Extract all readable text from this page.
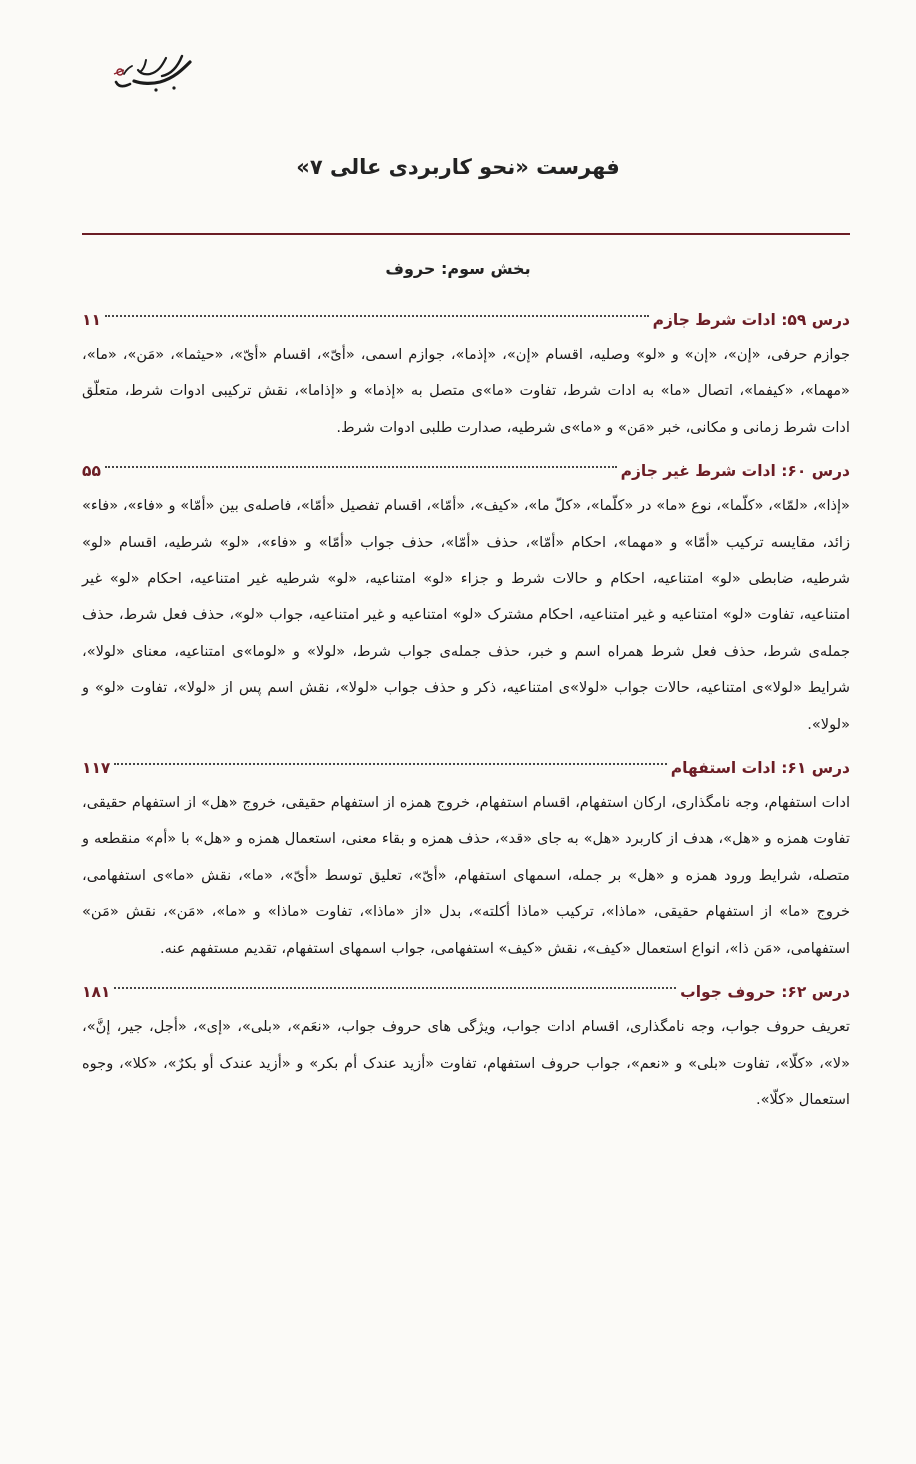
فهرست «نحو کاربردی عالی ۷»
بخش سوم: حروف
درس ۵۹: ادات شرط جازم
۱۱
جوازم حرفی، «إن»، «إن» و «لو» وصلیه، اقسام «إن»، «إذما»، جوازم اسمی، «أیّ»، اقسام «أیّ»، «حیثما»، «مَن»، «ما»، «مهما»، «کیفما»، اتصال «ما» به ادات شرط، تفاوت «ما»ی متصل به «إذما» و «إذاما»، نقش ترکیبی ادوات شرط، متعلّق ادات شرط زمانی و مکانی، خبر «مَن» و «ما»ی شرطیه، صدارت طلبی ادوات شرط.
درس ۶۰: ادات شرط غیر جازم
۵۵
«إذا»، «لمّا»، «کلّما»، نوع «ما» در «کلّما»، «کلّ ما»، «کیف»، «أمّا»، اقسام تفصیل «أمّا»، فاصله‌ی بین «أمّا» و «فاء»، «فاء» زائد، مقایسه ترکیب «أمّا» و «مهما»، احکام «أمّا»، حذف «أمّا»، حذف جواب «أمّا» و «فاء»، «لو» شرطیه، اقسام «لو» شرطیه، ضابطی «لو» امتناعیه، احکام و حالات شرط و جزاء «لو» امتناعیه، «لو» شرطیه غیر امتناعیه، احکام «لو» غیر امتناعیه، تفاوت «لو» امتناعیه و غیر امتناعیه، احکام مشترک «لو» امتناعیه و غیر امتناعیه، جواب «لو»، حذف فعل شرط، حذف جمله‌ی شرط، حذف فعل شرط همراه اسم و خبر، حذف جمله‌ی جواب شرط، «لولا» و «لوما»ی امتناعیه، معنای «لولا»، شرایط «لولا»ی امتناعیه، حالات جواب «لولا»ی امتناعیه، ذکر و حذف جواب «لولا»، نقش اسم پس از «لولا»، تفاوت «لو» و «لولا».
درس ۶۱: ادات استفهام
۱۱۷
ادات استفهام، وجه نامگذاری، ارکان استفهام، اقسام استفهام، خروج همزه از استفهام حقیقی، خروج «هل» از استفهام حقیقی، تفاوت همزه و «هل»، هدف از کاربرد «هل» به جای «قد»، حذف همزه و بقاء معنی، استعمال همزه و «هل» با «أم» منقطعه و متصله، شرایط ورود همزه و «هل» بر جمله، اسمهای استفهام، «أیّ»، تعلیق توسط «أیّ»، «ما»، نقش «ما»ی استفهامی، خروج «ما» از استفهام حقیقی، «ماذا»، ترکیب «ماذا أکلته»، بدل «از «ماذا»، تفاوت «ماذا» و «ما»، «مَن»، نقش «مَن» استفهامی، «مَن ذا»، انواع استعمال «کیف»، نقش «کیف» استفهامی، جواب اسمهای استفهام، تقدیم مستفهم عنه.
درس ۶۲: حروف جواب
۱۸۱
تعریف حروف جواب، وجه نامگذاری، اقسام ادات جواب، ویژگی های حروف جواب، «نعَم»، «بلی»، «إی»، «أجل، جیر، إنَّ»، «لا»، «کلّا»، تفاوت «بلی» و «نعم»، جواب حروف استفهام، تفاوت «أزید عندک أم بکر» و «أزید عندک أو بکرٌ»، «کلا»، وجوه استعمال «کلّا».
